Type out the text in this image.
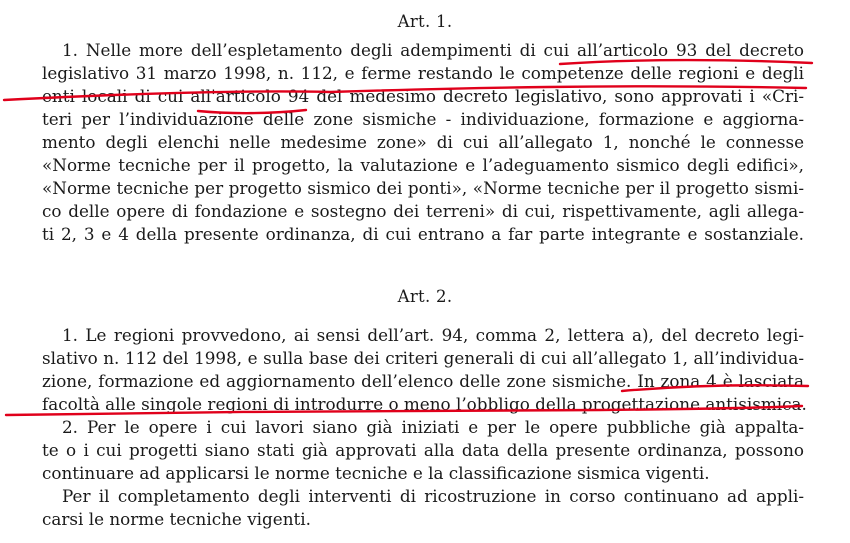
Art. 1.
1. Nelle more dell’espletamento degli adempimenti di cui all’articolo 93 del decreto
legislativo 31 marzo 1998, n. 112, e ferme restando le competenze delle regioni e degli
enti locali di cui all'articolo 94 del medesimo decreto legislativo, sono approvati i «Cri-
teri per l’individuazione delle zone sismiche - individuazione, formazione e aggiorna-
mento degli elenchi nelle medesime zone» di cui all’allegato 1, nonché le connesse
«Norme tecniche per il progetto, la valutazione e l’adeguamento sismico degli edifici»,
«Norme tecniche per progetto sismico dei ponti», «Norme tecniche per il progetto sismi-
co delle opere di fondazione e sostegno dei terreni» di cui, rispettivamente, agli allega-
ti 2, 3 e 4 della presente ordinanza, di cui entrano a far parte integrante e sostanziale.
Art. 2.
1. Le regioni provvedono, ai sensi dell’art. 94, comma 2, lettera a), del decreto legi-
slativo n. 112 del 1998, e sulla base dei criteri generali di cui all’allegato 1, all’individua-
zione, formazione ed aggiornamento dell’elenco delle zone sismiche. In zona 4 è lasciata
facoltà alle singole regioni di introdurre o meno l’obbligo della progettazione antisismica.
2. Per le opere i cui lavori siano già iniziati e per le opere pubbliche già appalta-
te o i cui progetti siano stati già approvati alla data della presente ordinanza, possono
continuare ad applicarsi le norme tecniche e la classificazione sismica vigenti.
Per il completamento degli interventi di ricostruzione in corso continuano ad appli-
carsi le norme tecniche vigenti.
